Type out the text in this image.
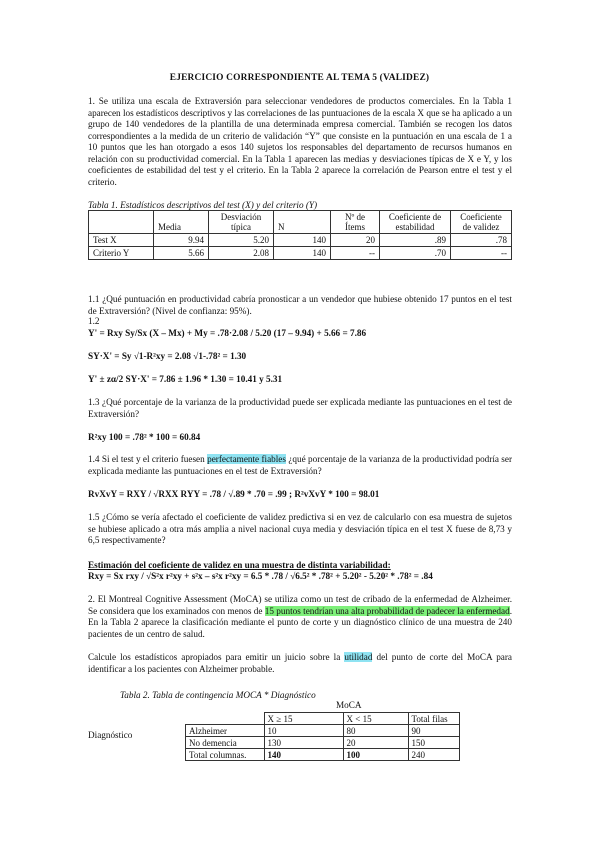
EJERCICIO CORRESPONDIENTE AL TEMA 5 (VALIDEZ)
1. Se utiliza una escala de Extraversión para seleccionar vendedores de productos comerciales. En la Tabla 1 aparecen los estadísticos descriptivos y las correlaciones de las puntuaciones de la escala X que se ha aplicado a un grupo de 140 vendedores de la plantilla de una determinada empresa comercial. También se recogen los datos correspondientes a la medida de un criterio de validación “Y” que consiste en la puntuación en una escala de 1 a 10 puntos que les han otorgado a esos 140 sujetos los responsables del departamento de recursos humanos en relación con su productividad comercial. En la Tabla 1 aparecen las medias y desviaciones típicas de X e Y, y los coeficientes de estabilidad del test y el criterio. En la Tabla 2 aparece la correlación de Pearson entre el test y el criterio.
Tabla 1. Estadísticos descriptivos del test (X) y del criterio (Y)
	Media	Desviación típica	N	Nº de Ítems	Coeficiente de estabilidad	Coeficiente de validez
Test X	9.94	5.20	140	20	.89	.78
Criterio Y	5.66	2.08	140	--	.70	--
1.1 ¿Qué puntuación en productividad cabría pronosticar a un vendedor que hubiese obtenido 17 puntos en el test de Extraversión? (Nivel de confianza: 95%).
1.2
Y' = Rxy Sy/Sx (X – Mx) + My = .78·2.08 / 5.20 (17 – 9.94) + 5.66 = 7.86
SY·X' = Sy √1-R²xy = 2.08 √1-.78² = 1.30
Y' ± zα/2 SY·X' = 7.86 ± 1.96 * 1.30 = 10.41 y 5.31
1.3 ¿Qué porcentaje de la varianza de la productividad puede ser explicada mediante las puntuaciones en el test de Extraversión?
R²xy 100 = .78² * 100 = 60.84
1.4 Si el test y el criterio fuesen perfectamente fiables ¿qué porcentaje de la varianza de la productividad podría ser explicada mediante las puntuaciones en el test de Extraversión?
RvXvY = RXY / √RXX RYY = .78 / √.89 * .70 = .99 ; R²vXvY * 100 = 98.01
1.5 ¿Cómo se vería afectado el coeficiente de validez predictiva si en vez de calcularlo con esa muestra de sujetos se hubiese aplicado a otra más amplia a nivel nacional cuya media y desviación típica en el test X fuese de 8,73 y 6,5 respectivamente?
Estimación del coeficiente de validez en una muestra de distinta variabilidad:
Rxy = Sx rxy / √S²x r²xy + s²x – s²x r²xy = 6.5 * .78 / √6.5² * .78² + 5.20² - 5.20² * .78² = .84
2. El Montreal Cognitive Assessment (MoCA) se utiliza como un test de cribado de la enfermedad de Alzheimer. Se considera que los examinados con menos de 15 puntos tendrían una alta probabilidad de padecer la enfermedad. En la Tabla 2 aparece la clasificación mediante el punto de corte y un diagnóstico clínico de una muestra de 240 pacientes de un centro de salud.
Calcule los estadísticos apropiados para emitir un juicio sobre la utilidad del punto de corte del MoCA para identificar a los pacientes con Alzheimer probable.
Tabla 2. Tabla de contingencia MOCA * Diagnóstico
MoCA
Diagnóstico
	X ≥ 15	X < 15	Total filas
Alzheimer	10	80	90
No demencia	130	20	150
Total columnas.	140	100	240
